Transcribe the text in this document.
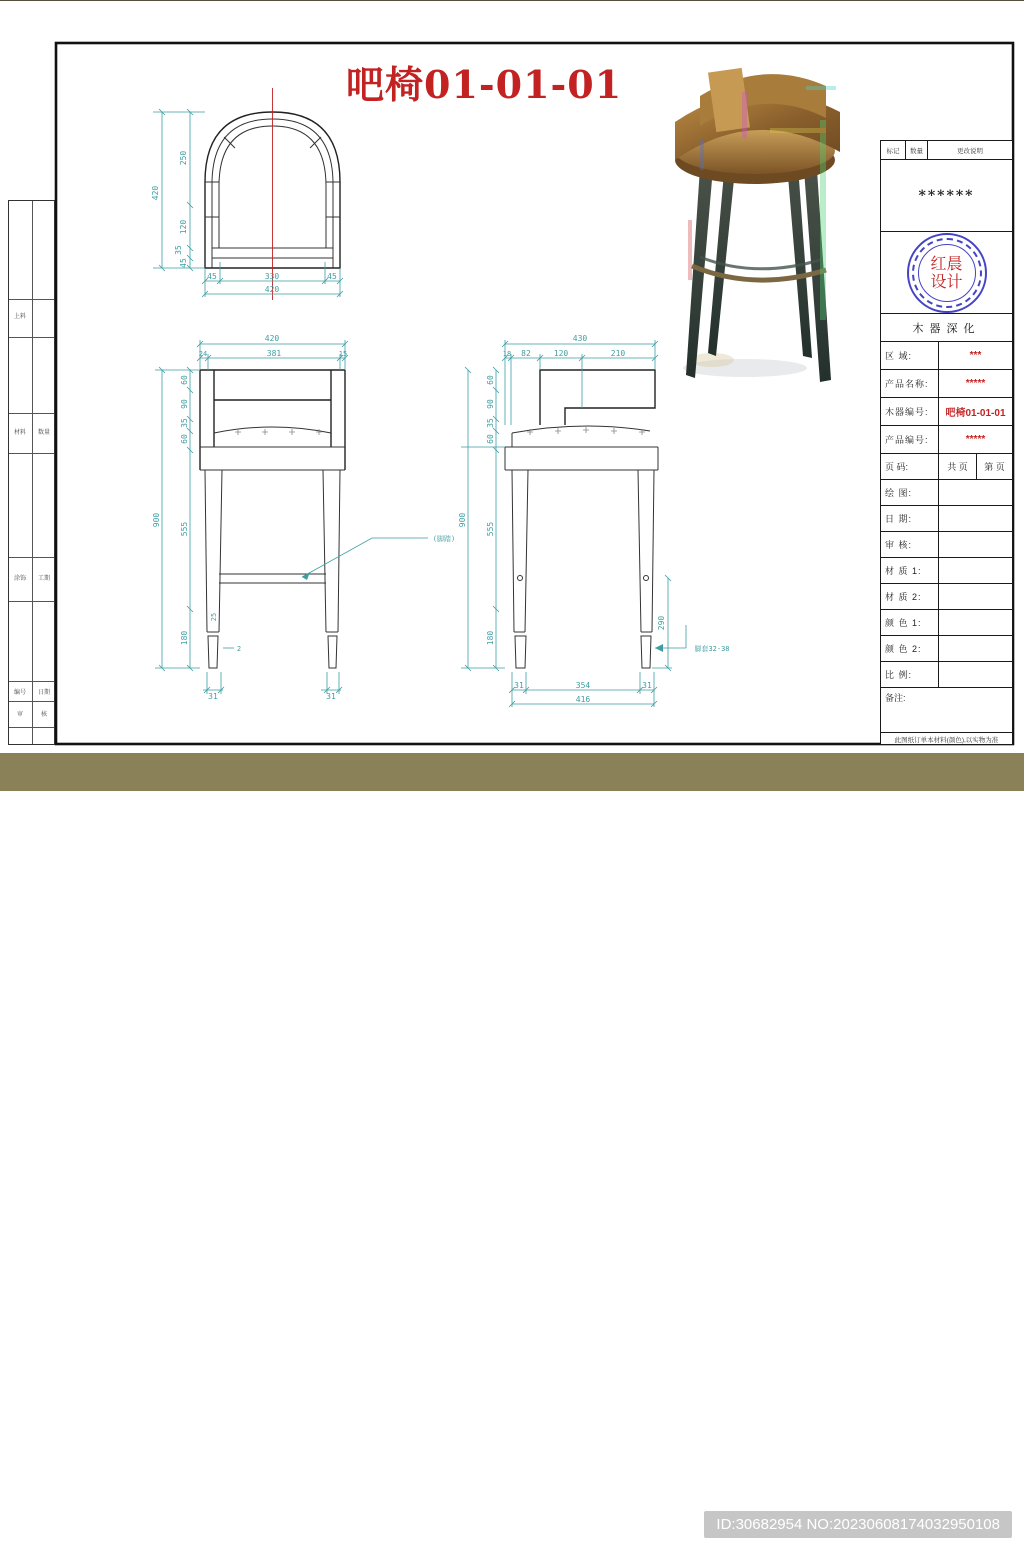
420
250
120
35
45
45	330	45
420
(脚踏)
420
24	381	15
900
60
90
35
60
555
180
31	31
25
2	脚套32-38
430
18 82	120	210
900
60
90
35
60
555
180
31	354	31
416
290
吧椅01-01-01
上料
材料	数量
涂饰	工期
编号	日期
审	核
标记	数量	更改说明
******
红晨
设计
木器深化
区 域:	***
产品名称:	*****
木器编号:	吧椅01-01-01
产品编号:	*****
页 码:	共 页	第 页
绘 图:
日 期:
审 核:
材 质 1:
材 质 2:
颜 色 1:
颜 色 2:
比 例:
备注:
此图纸订单本材料(颜色),以实物为准
昵享网 www.nipic.cn	ID:30682954 NO:20230608174032950108
